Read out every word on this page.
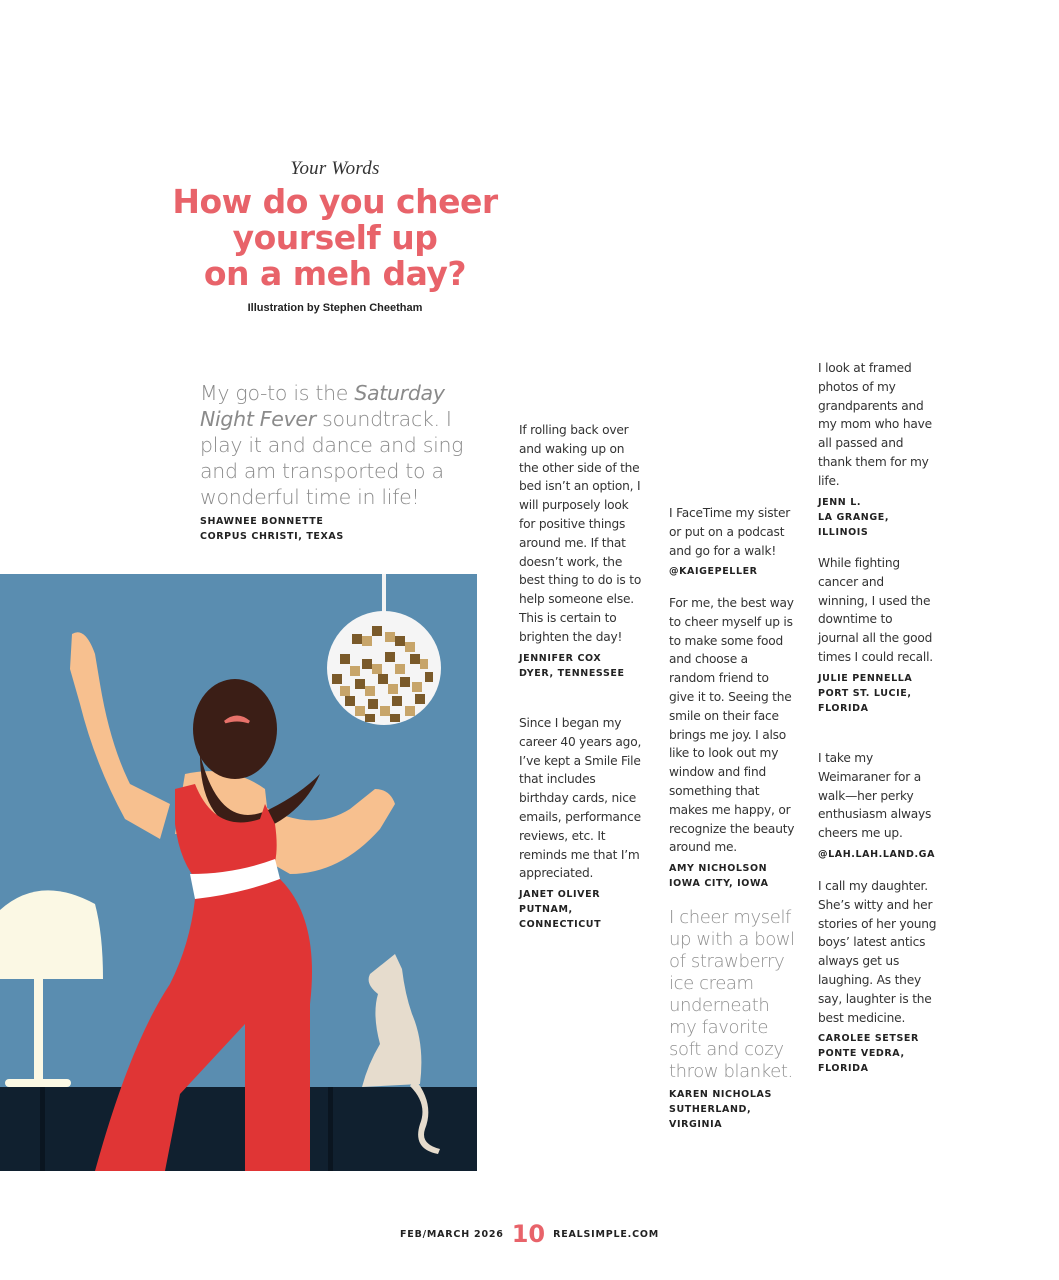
Your Words
How do you cheer
yourself up
on a meh day?
Illustration by Stephen Cheetham
My go-to is the Saturday Night Fever soundtrack. I play it and dance and sing and am transported to a wonderful time in life!
SHAWNEE BONNETTE
CORPUS CHRISTI, TEXAS
If rolling back over and waking up on the other side of the bed isn’t an option, I will purposely look for positive things around me. If that doesn’t work, the best thing to do is to help someone else. This is certain to brighten the day!
JENNIFER COX
DYER, TENNESSEE
Since I began my career 40 years ago, I’ve kept a Smile File that includes birthday cards, nice emails, performance reviews, etc. It reminds me that I’m appreciated.
JANET OLIVER
PUTNAM,
CONNECTICUT
I FaceTime my sister or put on a podcast and go for a walk!
@KAIGEPELLER
For me, the best way to cheer myself up is to make some food and choose a random friend to give it to. Seeing the smile on their face brings me joy. I also like to look out my window and find something that makes me happy, or recognize the beauty around me.
AMY NICHOLSON
IOWA CITY, IOWA
I cheer myself up with a bowl of strawberry ice cream underneath my favorite soft and cozy throw blanket.
KAREN NICHOLAS
SUTHERLAND,
VIRGINIA
I look at framed photos of my grandparents and my mom who have all passed and thank them for my life.
JENN L.
LA GRANGE,
ILLINOIS
While fighting cancer and winning, I used the downtime to journal all the good times I could recall.
JULIE PENNELLA
PORT ST. LUCIE,
FLORIDA
I take my Weimaraner for a walk—her perky enthusiasm always cheers me up.
@LAH.LAH.LAND.GA
I call my daughter. She’s witty and her stories of her young boys’ latest antics always get us laughing. As they say, laughter is the best medicine.
CAROLEE SETSER
PONTE VEDRA,
FLORIDA
FEB/MARCH 2026 10 REALSIMPLE.COM
